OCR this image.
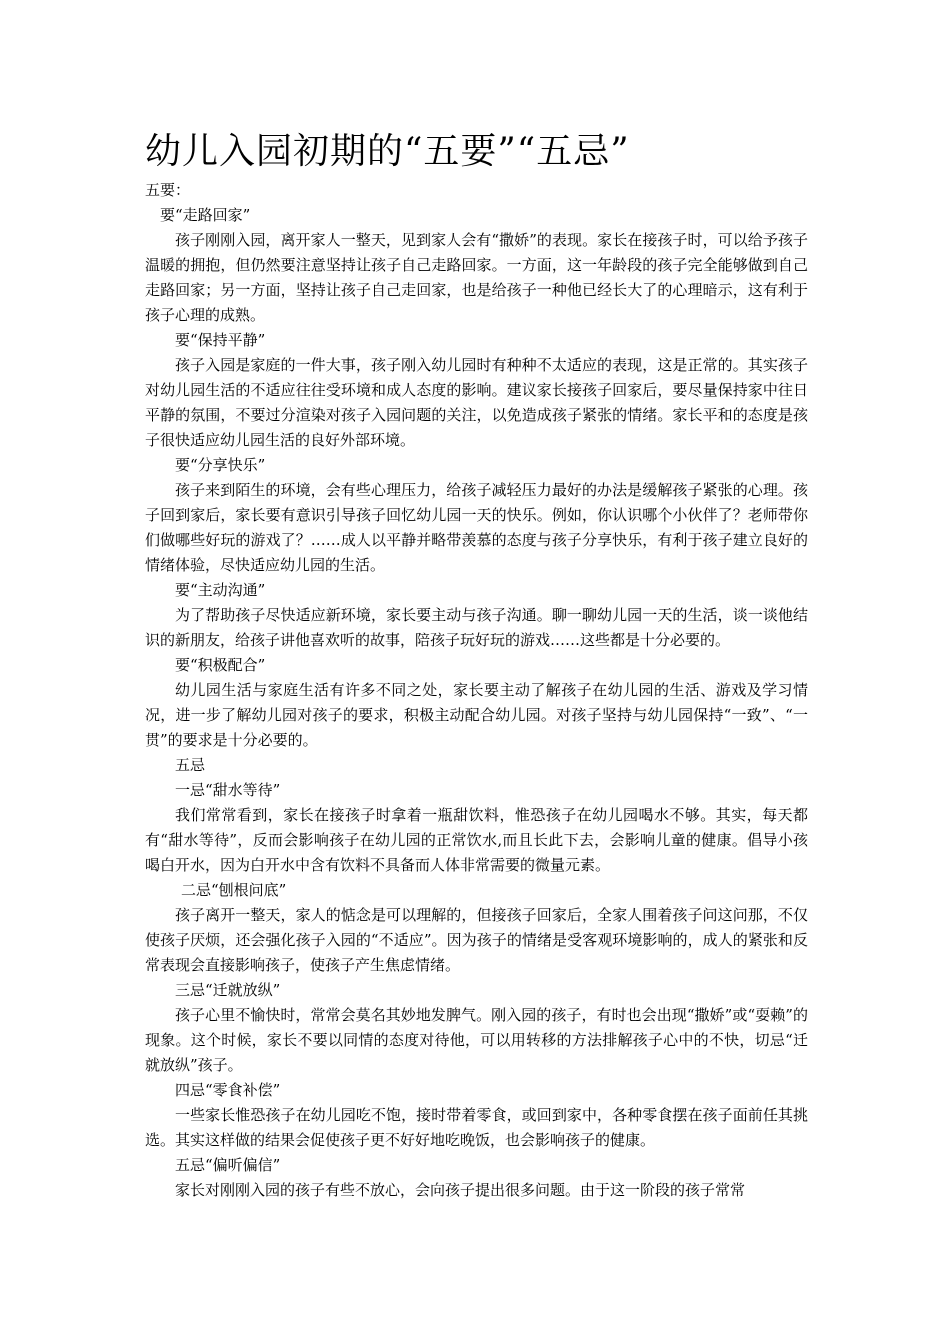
幼儿入园初期的“五要”“五忌”

五要：

要“走路回家”

孩子刚刚入园，离开家人一整天，见到家人会有“撒娇”的表现。家长在接孩子时，可以给予孩子温暖的拥抱，但仍然要注意坚持让孩子自己走路回家。一方面，这一年龄段的孩子完全能够做到自己走路回家；另一方面，坚持让孩子自己走回家，也是给孩子一种他已经长大了的心理暗示，这有利于孩子心理的成熟。

要“保持平静”

孩子入园是家庭的一件大事，孩子刚入幼儿园时有种种不太适应的表现，这是正常的。其实孩子对幼儿园生活的不适应往往受环境和成人态度的影响。建议家长接孩子回家后，要尽量保持家中往日平静的氛围，不要过分渲染对孩子入园问题的关注，以免造成孩子紧张的情绪。家长平和的态度是孩子很快适应幼儿园生活的良好外部环境。

要“分享快乐”

孩子来到陌生的环境，会有些心理压力，给孩子减轻压力最好的办法是缓解孩子紧张的心理。孩子回到家后，家长要有意识引导孩子回忆幼儿园一天的快乐。例如，你认识哪个小伙伴了？老师带你们做哪些好玩的游戏了？……成人以平静并略带羡慕的态度与孩子分享快乐，有利于孩子建立良好的情绪体验，尽快适应幼儿园的生活。

要“主动沟通”

为了帮助孩子尽快适应新环境，家长要主动与孩子沟通。聊一聊幼儿园一天的生活，谈一谈他结识的新朋友，给孩子讲他喜欢听的故事，陪孩子玩好玩的游戏……这些都是十分必要的。

要“积极配合”

幼儿园生活与家庭生活有许多不同之处，家长要主动了解孩子在幼儿园的生活、游戏及学习情况，进一步了解幼儿园对孩子的要求，积极主动配合幼儿园。对孩子坚持与幼儿园保持“一致”、“一贯”的要求是十分必要的。

五忌

一忌“甜水等待”

我们常常看到，家长在接孩子时拿着一瓶甜饮料，惟恐孩子在幼儿园喝水不够。其实，每天都有“甜水等待”，反而会影响孩子在幼儿园的正常饮水,而且长此下去，会影响儿童的健康。倡导小孩喝白开水，因为白开水中含有饮料不具备而人体非常需要的微量元素。

二忌“刨根问底”

孩子离开一整天，家人的惦念是可以理解的，但接孩子回家后，全家人围着孩子问这问那，不仅使孩子厌烦，还会强化孩子入园的“不适应”。因为孩子的情绪是受客观环境影响的，成人的紧张和反常表现会直接影响孩子，使孩子产生焦虑情绪。

三忌“迁就放纵”

孩子心里不愉快时，常常会莫名其妙地发脾气。刚入园的孩子，有时也会出现“撒娇”或“耍赖”的现象。这个时候，家长不要以同情的态度对待他，可以用转移的方法排解孩子心中的不快，切忌“迁就放纵”孩子。

四忌“零食补偿”

一些家长惟恐孩子在幼儿园吃不饱，接时带着零食，或回到家中，各种零食摆在孩子面前任其挑选。其实这样做的结果会促使孩子更不好好地吃晚饭，也会影响孩子的健康。

五忌“偏听偏信”

家长对刚刚入园的孩子有些不放心，会向孩子提出很多问题。由于这一阶段的孩子常常
